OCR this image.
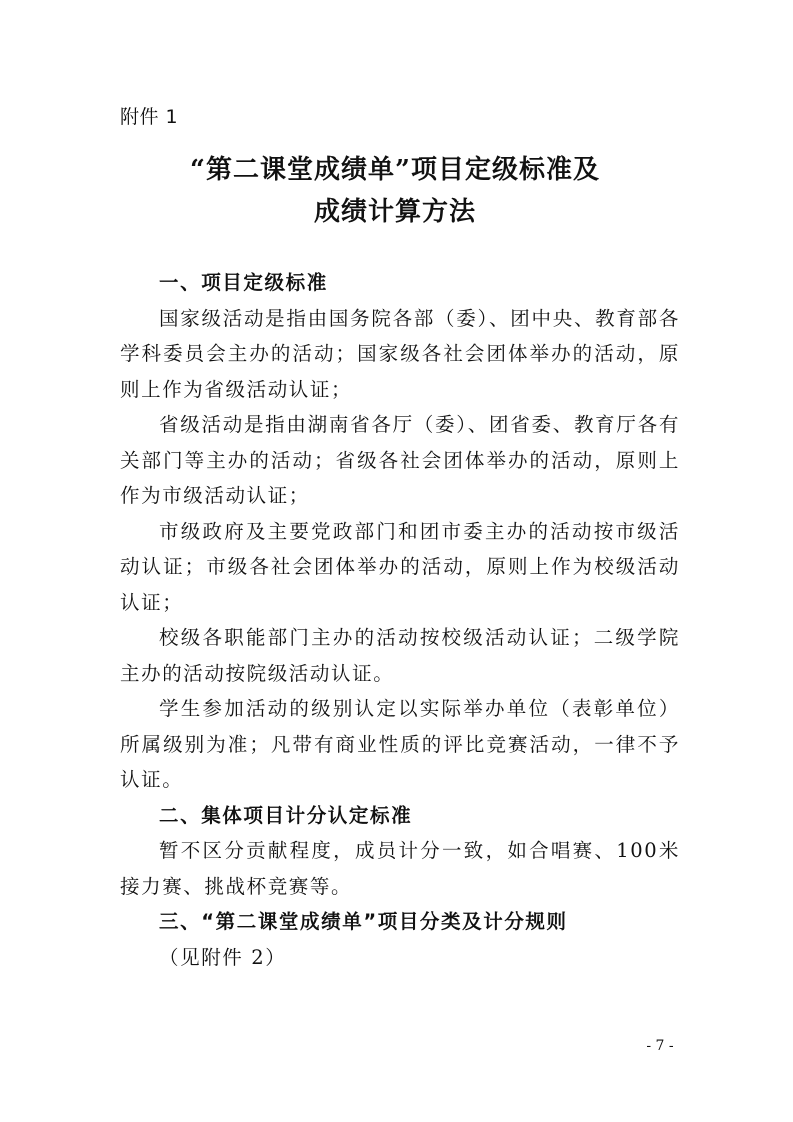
附件 1
“第二课堂成绩单”项目定级标准及
成绩计算方法

一、项目定级标准

国家级活动是指由国务院各部（委）、团中央、教育部各学科委员会主办的活动；国家级各社会团体举办的活动，原则上作为省级活动认证；

省级活动是指由湖南省各厅（委）、团省委、教育厅各有关部门等主办的活动；省级各社会团体举办的活动，原则上作为市级活动认证；

市级政府及主要党政部门和团市委主办的活动按市级活动认证；市级各社会团体举办的活动，原则上作为校级活动认证；

校级各职能部门主办的活动按校级活动认证；二级学院主办的活动按院级活动认证。

学生参加活动的级别认定以实际举办单位（表彰单位）所属级别为准；凡带有商业性质的评比竞赛活动，一律不予认证。

二、集体项目计分认定标准

暂不区分贡献程度，成员计分一致，如合唱赛、100米接力赛、挑战杯竞赛等。

三、“第二课堂成绩单”项目分类及计分规则

（见附件 2）

- 7 -
